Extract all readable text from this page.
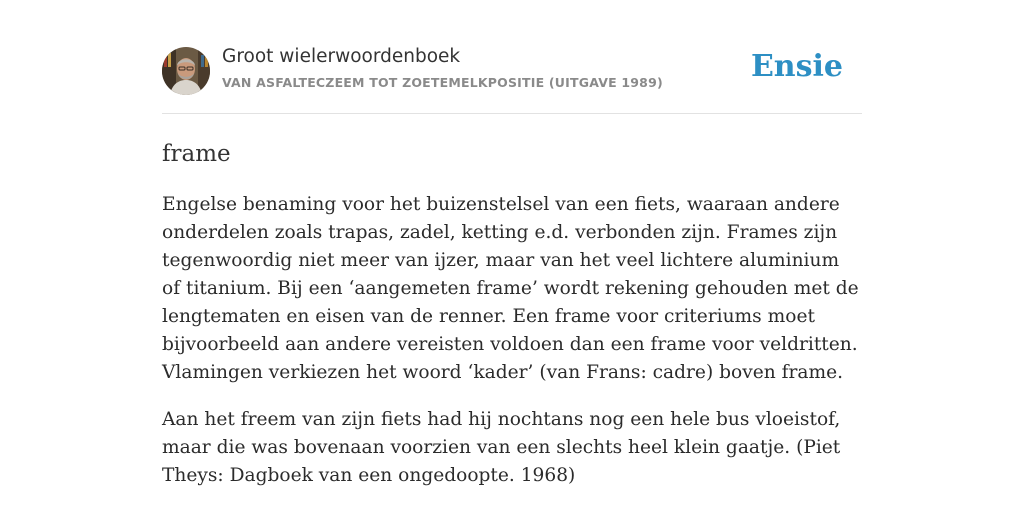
Groot wielerwoordenboek
VAN ASFALTECZEEM TOT ZOETEMELKPOSITIE (UITGAVE 1989)	Ensie
frame

Engelse benaming voor het buizenstelsel van een fiets, waaraan andere onderdelen zoals trapas, zadel, ketting e.d. verbonden zijn. Frames zijn tegenwoordig niet meer van ijzer, maar van het veel lichtere aluminium of titanium. Bij een ‘aangemeten frame’ wordt rekening gehouden met de lengtematen en eisen van de renner. Een frame voor criteriums moet bijvoorbeeld aan andere vereisten voldoen dan een frame voor veldritten. Vlamingen verkiezen het woord ‘kader’ (van Frans: cadre) boven frame.

Aan het freem van zijn fiets had hij nochtans nog een hele bus vloeistof, maar die was bovenaan voorzien van een slechts heel klein gaatje. (Piet Theys: Dagboek van een ongedoopte. 1968)
